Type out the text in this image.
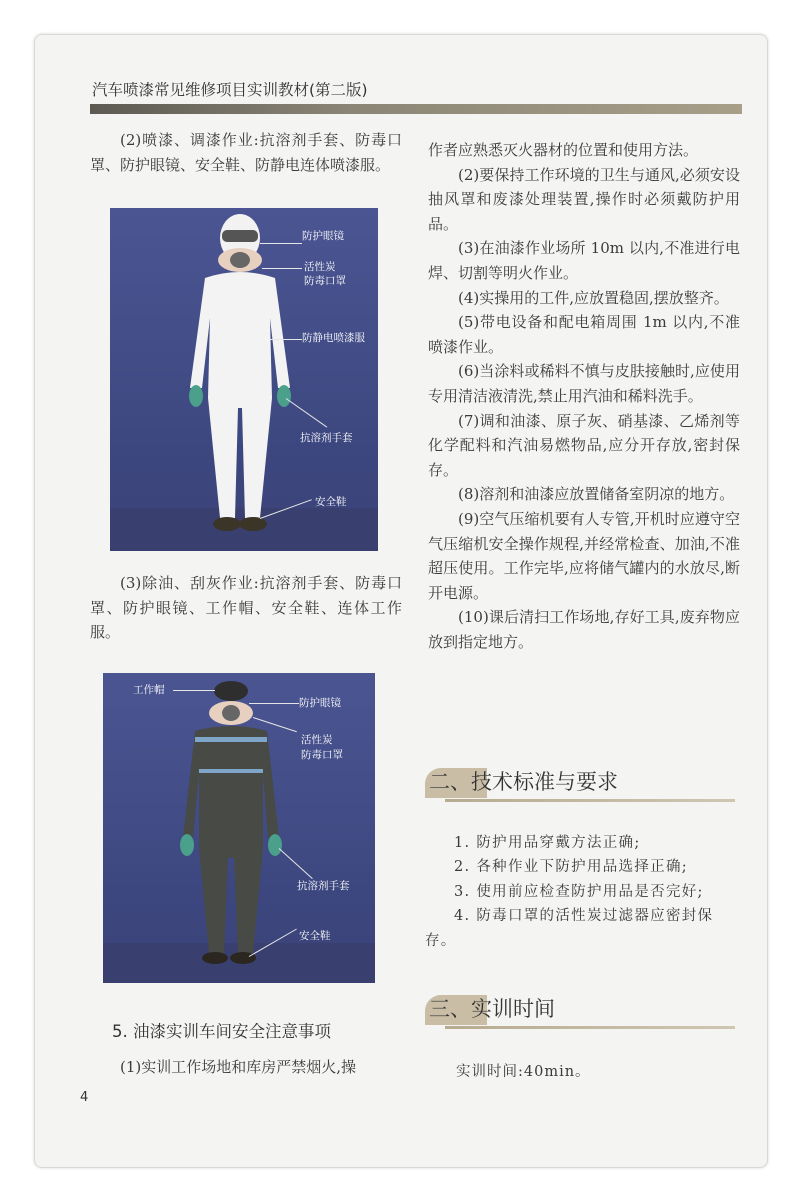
汽车喷漆常见维修项目实训教材(第二版)

(2)喷漆、调漆作业:抗溶剂手套、防毒口罩、防护眼镜、安全鞋、防静电连体喷漆服。

防护眼镜
活性炭
防毒口罩
防静电喷漆服
抗溶剂手套
安全鞋

(3)除油、刮灰作业:抗溶剂手套、防毒口罩、防护眼镜、工作帽、安全鞋、连体工作服。

工作帽
防护眼镜
活性炭
防毒口罩
抗溶剂手套
安全鞋
5. 油漆实训车间安全注意事项

(1)实训工作场地和库房严禁烟火,操

4

作者应熟悉灭火器材的位置和使用方法。

(2)要保持工作环境的卫生与通风,必须安设抽风罩和废漆处理装置,操作时必须戴防护用品。

(3)在油漆作业场所 10m 以内,不准进行电焊、切割等明火作业。

(4)实操用的工件,应放置稳固,摆放整齐。

(5)带电设备和配电箱周围 1m 以内,不准喷漆作业。

(6)当涂料或稀料不慎与皮肤接触时,应使用专用清洁液清洗,禁止用汽油和稀料洗手。

(7)调和油漆、原子灰、硝基漆、乙烯剂等化学配料和汽油易燃物品,应分开存放,密封保存。

(8)溶剂和油漆应放置储备室阴凉的地方。

(9)空气压缩机要有人专管,开机时应遵守空气压缩机安全操作规程,并经常检查、加油,不准超压使用。工作完毕,应将储气罐内的水放尽,断开电源。

(10)课后清扫工作场地,存好工具,废弃物应放到指定地方。

二、技术标准与要求

1. 防护用品穿戴方法正确;

2. 各种作业下防护用品选择正确;

3. 使用前应检查防护用品是否完好;

4. 防毒口罩的活性炭过滤器应密封保存。

三、实训时间
实训时间:40min。
